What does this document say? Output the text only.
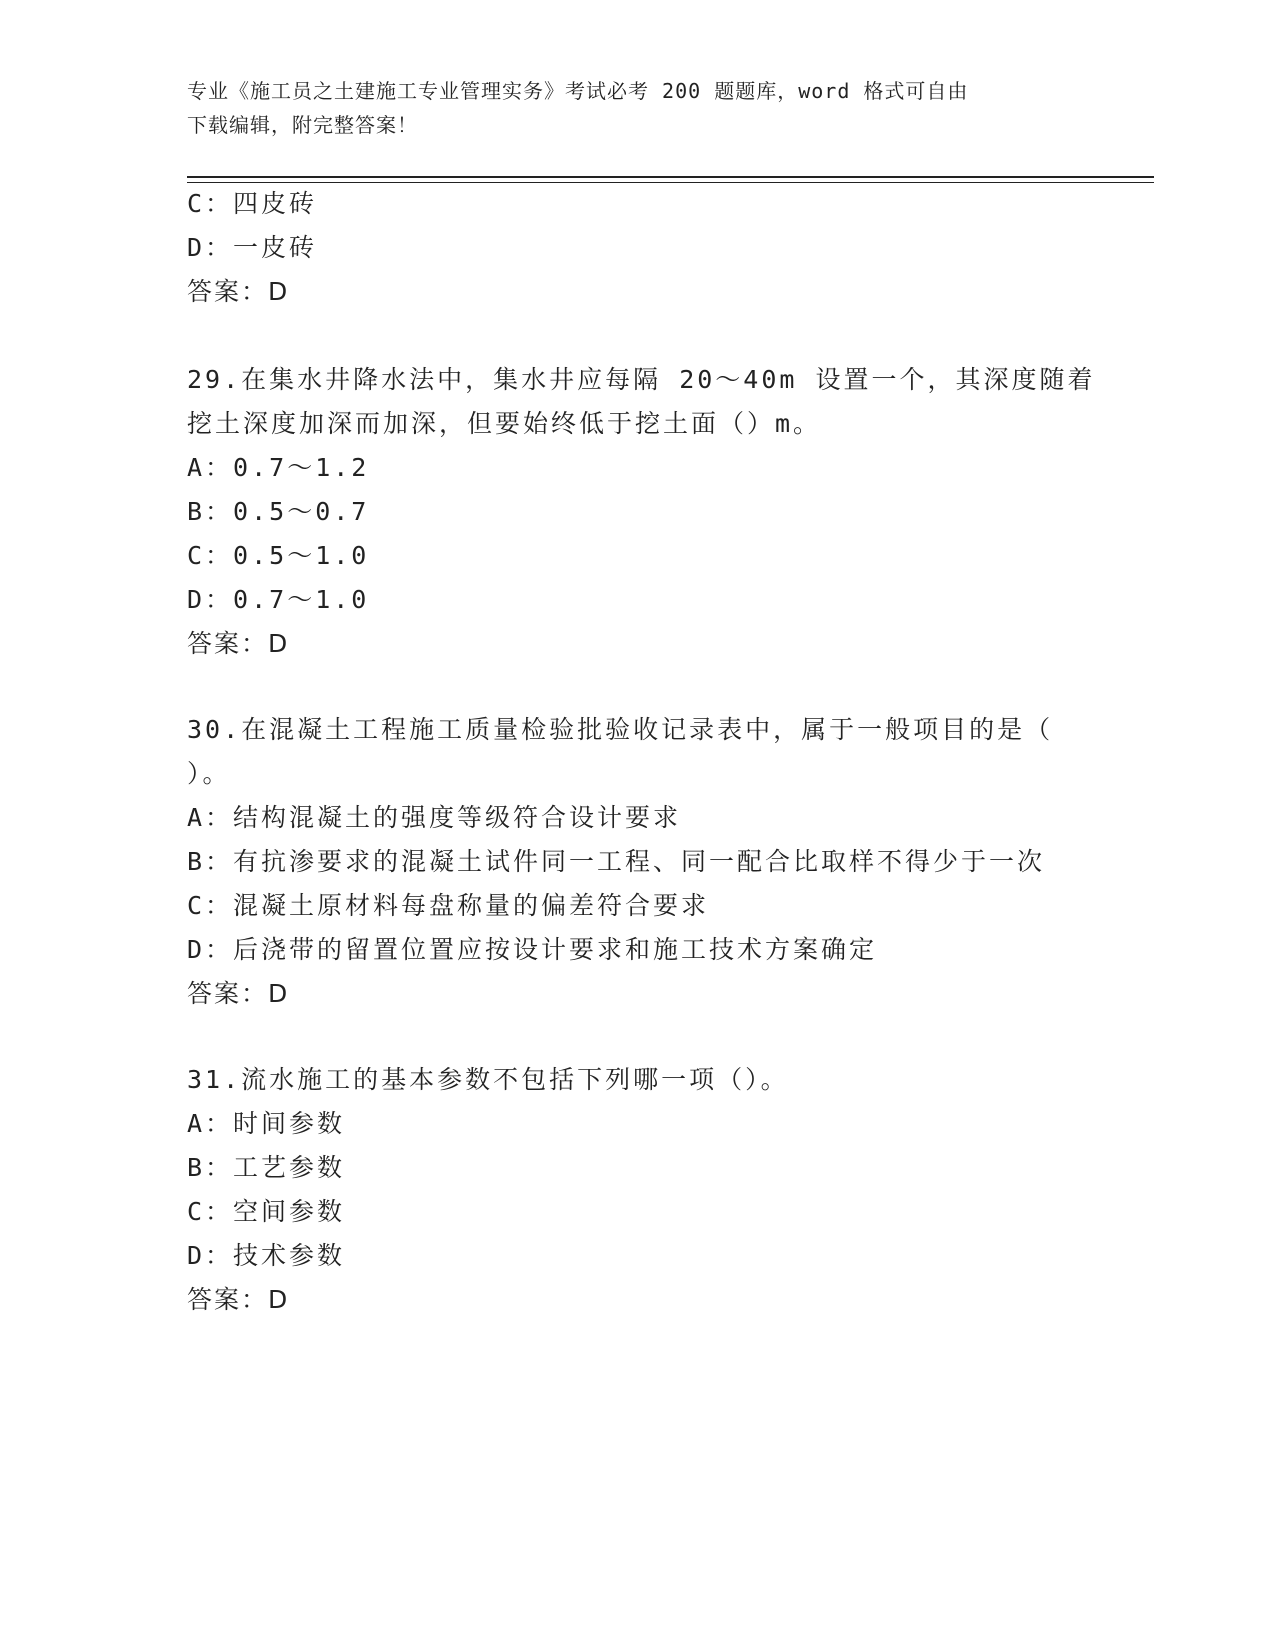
专业《施工员之土建施工专业管理实务》考试必考 200 题题库，word 格式可自由
下载编辑，附完整答案！
C：四皮砖
D：一皮砖
答案：D
29.在集水井降水法中，集水井应每隔 20～40m 设置一个，其深度随着
挖土深度加深而加深，但要始终低于挖土面（）m。
A：0.7～1.2
B：0.5～0.7
C：0.5～1.0
D：0.7～1.0
答案：D
30.在混凝土工程施工质量检验批验收记录表中，属于一般项目的是（
）。
A：结构混凝土的强度等级符合设计要求
B：有抗渗要求的混凝土试件同一工程、同一配合比取样不得少于一次
C：混凝土原材料每盘称量的偏差符合要求
D：后浇带的留置位置应按设计要求和施工技术方案确定
答案：D
31.流水施工的基本参数不包括下列哪一项（）。
A：时间参数
B：工艺参数
C：空间参数
D：技术参数
答案：D
